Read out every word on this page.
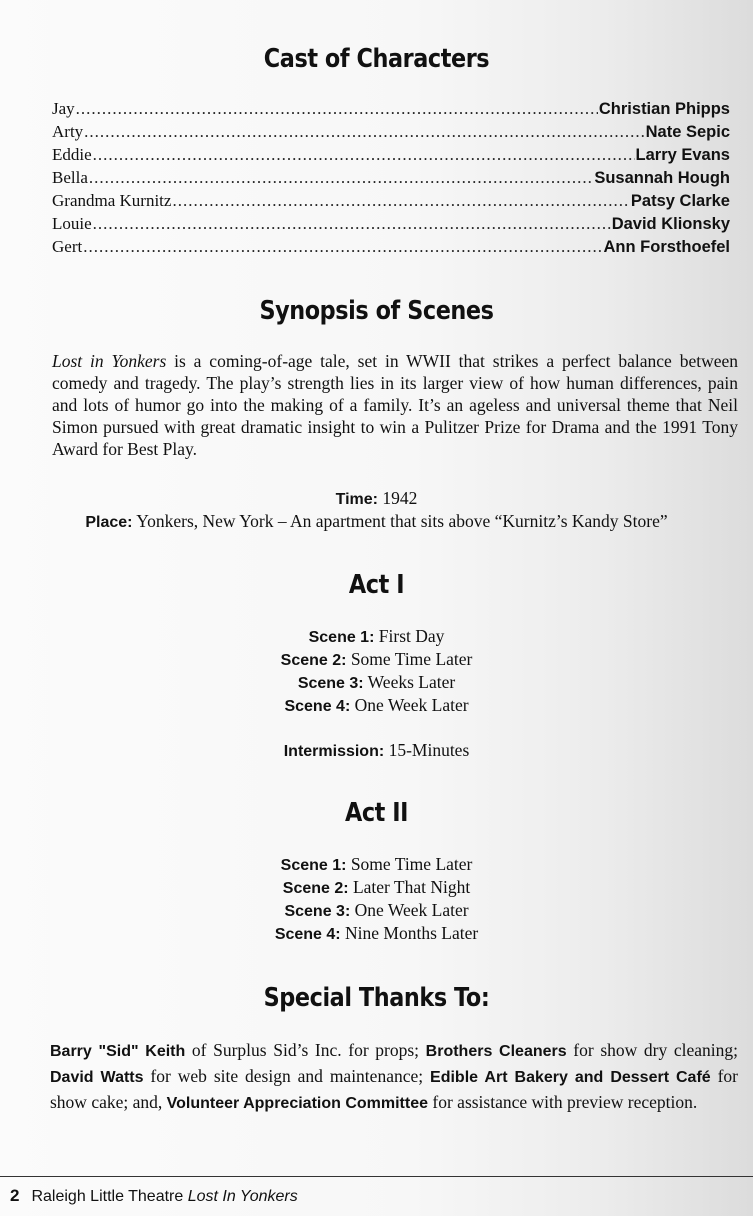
Cast of Characters
Jay .....	Christian Phipps
Arty .....	Nate Sepic
Eddie .....	Larry Evans
Bella .....	Susannah Hough
Grandma Kurnitz .....	Patsy Clarke
Louie .....	David Klionsky
Gert .....	Ann Forsthoefel
Synopsis of Scenes

Lost in Yonkers is a coming-of-age tale, set in WWII that strikes a perfect balance between comedy and tragedy. The play’s strength lies in its larger view of how human differences, pain and lots of humor go into the making of a family. It’s an ageless and universal theme that Neil Simon pursued with great dramatic insight to win a Pulitzer Prize for Drama and the 1991 Tony Award for Best Play.

Time: 1942
Place: Yonkers, New York – An apartment that sits above “Kurnitz’s Kandy Store”
Act I
Scene 1: First Day
Scene 2: Some Time Later
Scene 3: Weeks Later
Scene 4: One Week Later
Intermission: 15-Minutes
Act II
Scene 1: Some Time Later
Scene 2: Later That Night
Scene 3: One Week Later
Scene 4: Nine Months Later
Special Thanks To:

Barry "Sid" Keith of Surplus Sid’s Inc. for props; Brothers Cleaners for show dry cleaning; David Watts for web site design and maintenance; Edible Art Bakery and Dessert Café for show cake; and, Volunteer Appreciation Committee for assistance with preview reception.

2 Raleigh Little Theatre Lost In Yonkers
